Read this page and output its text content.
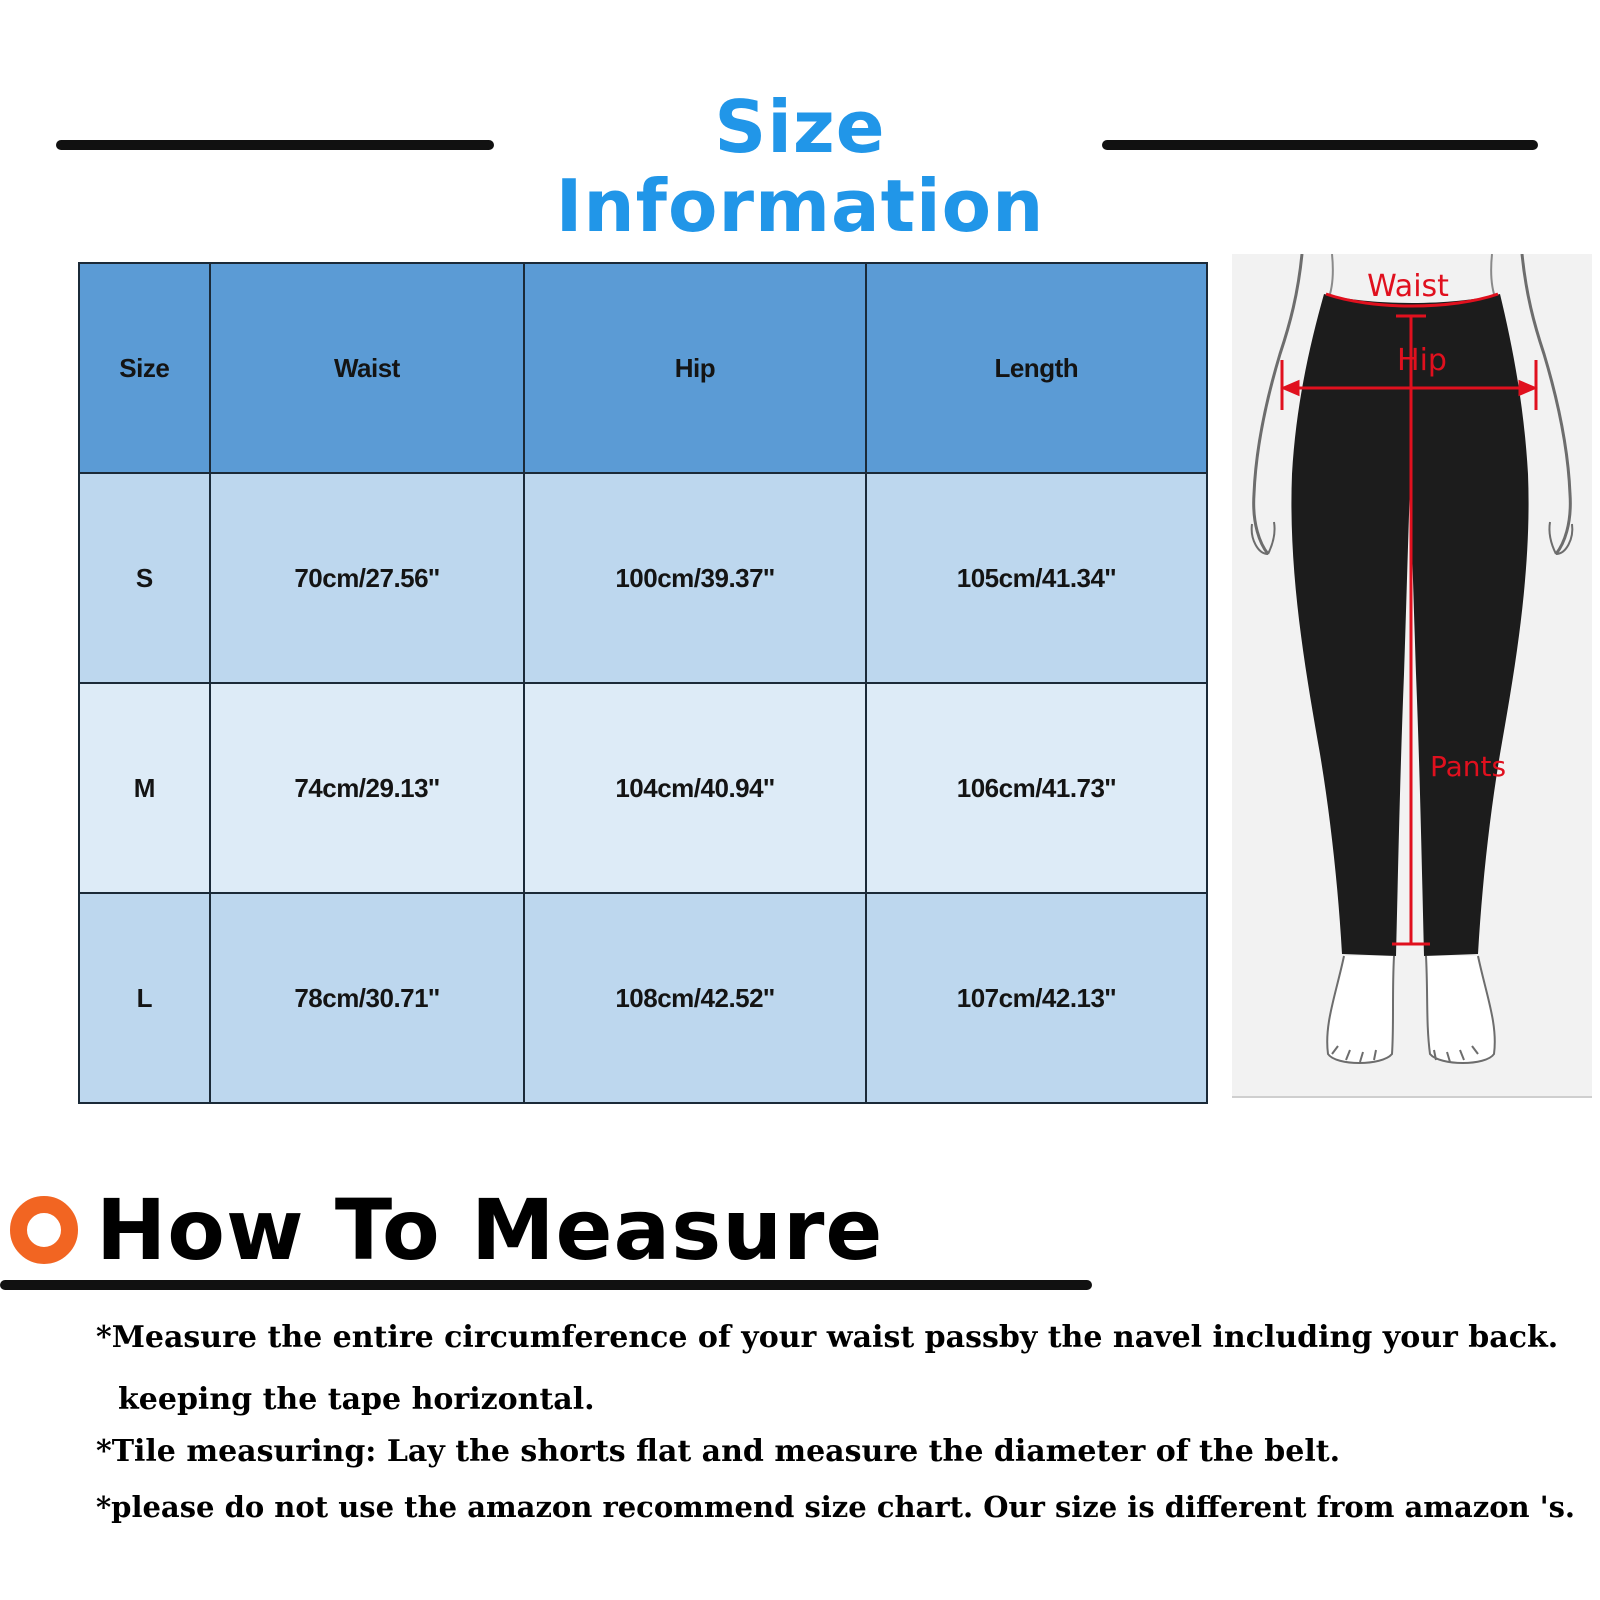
Size Information
Size	Waist	Hip	Length
S	70cm/27.56''	100cm/39.37''	105cm/41.34''
M	74cm/29.13''	104cm/40.94''	106cm/41.73''
L	78cm/30.71''	108cm/42.52''	107cm/42.13''
Waist
Hip
Pants
How To Measure

*Measure the entire circumference of your waist passby the navel including your back.

keeping the tape horizontal.

*Tile measuring: Lay the shorts flat and measure the diameter of the belt.

*please do not use the amazon recommend size chart. Our size is different from amazon 's.
